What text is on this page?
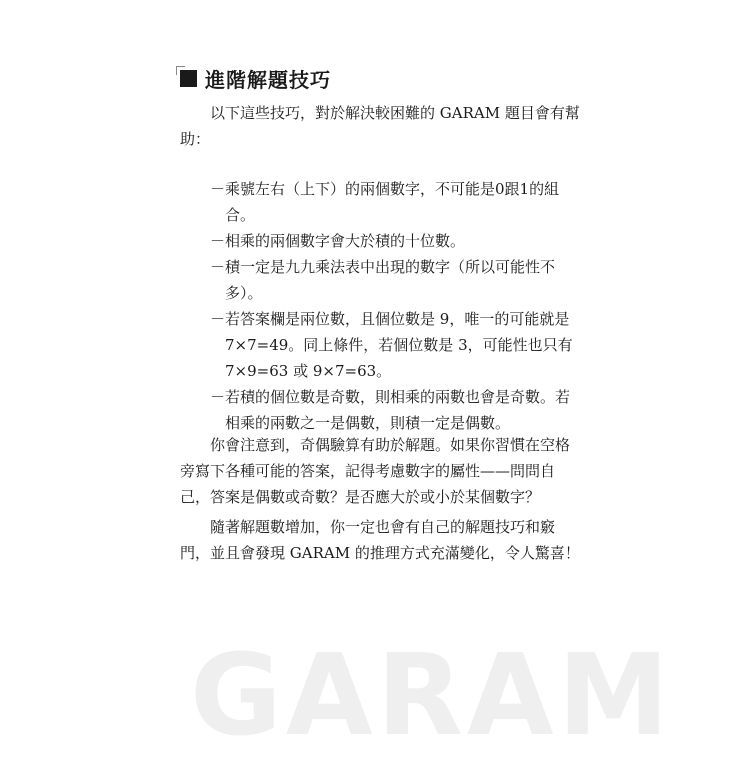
進階解題技巧

以下這些技巧，對於解決較困難的 GARAM 題目會有幫助：

－乘號左右（上下）的兩個數字，不可能是0跟1的組合。
－相乘的兩個數字會大於積的十位數。
－積一定是九九乘法表中出現的數字（所以可能性不多）。
－若答案欄是兩位數，且個位數是 9，唯一的可能就是 7×7=49。同上條件，若個位數是 3，可能性也只有 7×9=63 或 9×7=63。
－若積的個位數是奇數，則相乘的兩數也會是奇數。若相乘的兩數之一是偶數，則積一定是偶數。

你會注意到，奇偶驗算有助於解題。如果你習慣在空格旁寫下各種可能的答案，記得考慮數字的屬性——問問自己，答案是偶數或奇數？是否應大於或小於某個數字？

隨著解題數增加，你一定也會有自己的解題技巧和竅門，並且會發現 GARAM 的推理方式充滿變化，令人驚喜！

GARAM
